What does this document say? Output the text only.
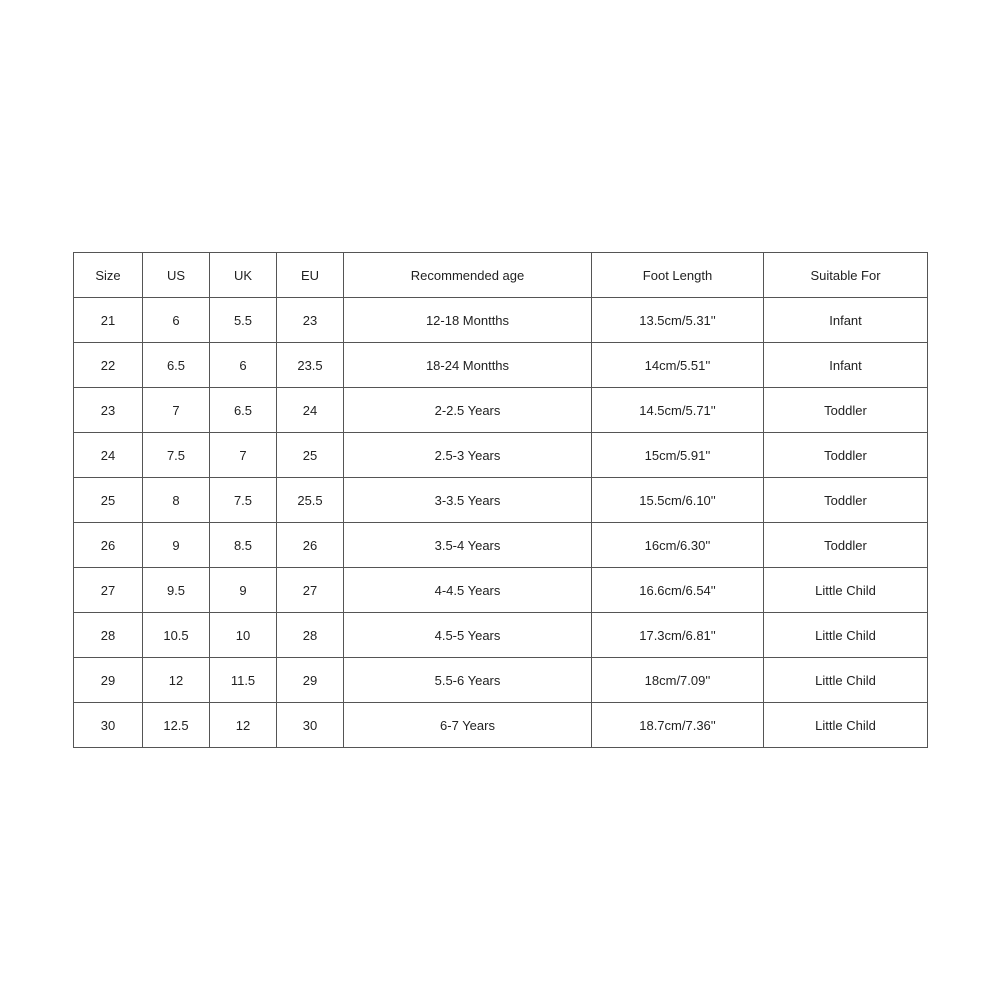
Size	US	UK	EU	Recommended age	Foot Length	Suitable For
21	6	5.5	23	12-18 Montths	13.5cm/5.31''	Infant
22	6.5	6	23.5	18-24 Montths	14cm/5.51''	Infant
23	7	6.5	24	2-2.5 Years	14.5cm/5.71''	Toddler
24	7.5	7	25	2.5-3 Years	15cm/5.91''	Toddler
25	8	7.5	25.5	3-3.5 Years	15.5cm/6.10''	Toddler
26	9	8.5	26	3.5-4 Years	16cm/6.30''	Toddler
27	9.5	9	27	4-4.5 Years	16.6cm/6.54''	Little Child
28	10.5	10	28	4.5-5 Years	17.3cm/6.81''	Little Child
29	12	11.5	29	5.5-6 Years	18cm/7.09''	Little Child
30	12.5	12	30	6-7 Years	18.7cm/7.36''	Little Child
